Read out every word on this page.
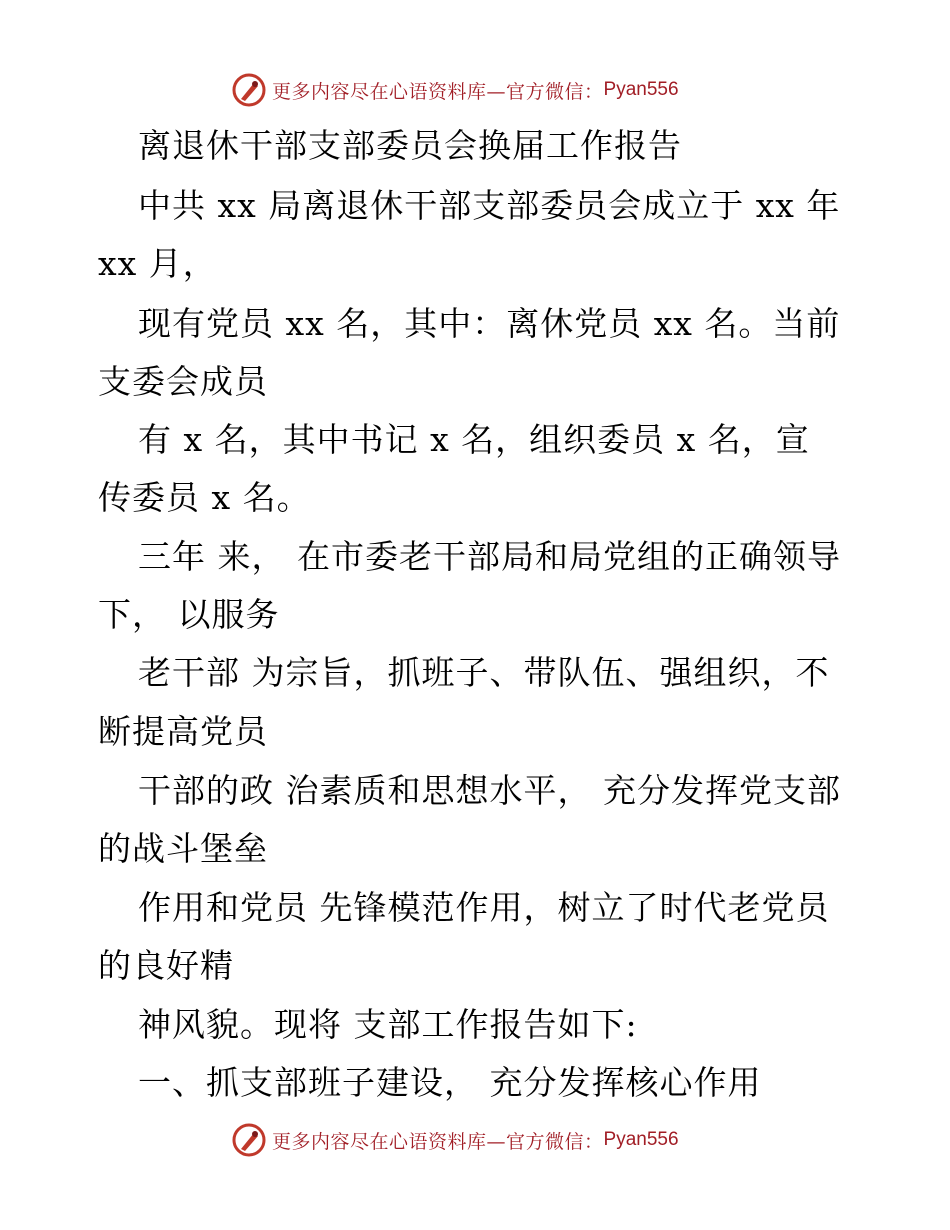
更多内容尽在心语资料库—官方微信： Pyan556
离退休干部支部委员会换届工作报告
中共 xx 局离退休干部支部委员会成立于 xx 年
xx 月，
现有党员 xx 名，其中：离休党员 xx 名。当前
支委会成员
有 x 名，其中书记 x 名，组织委员 x 名，宣
传委员 x 名。
三年 来， 在市委老干部局和局党组的正确领导
下， 以服务
老干部 为宗旨，抓班子、带队伍、强组织，不
断提高党员
干部的政 治素质和思想水平， 充分发挥党支部
的战斗堡垒
作用和党员 先锋模范作用，树立了时代老党员
的良好精
神风貌。现将 支部工作报告如下:
一、抓支部班子建设， 充分发挥核心作用
更多内容尽在心语资料库—官方微信： Pyan556
